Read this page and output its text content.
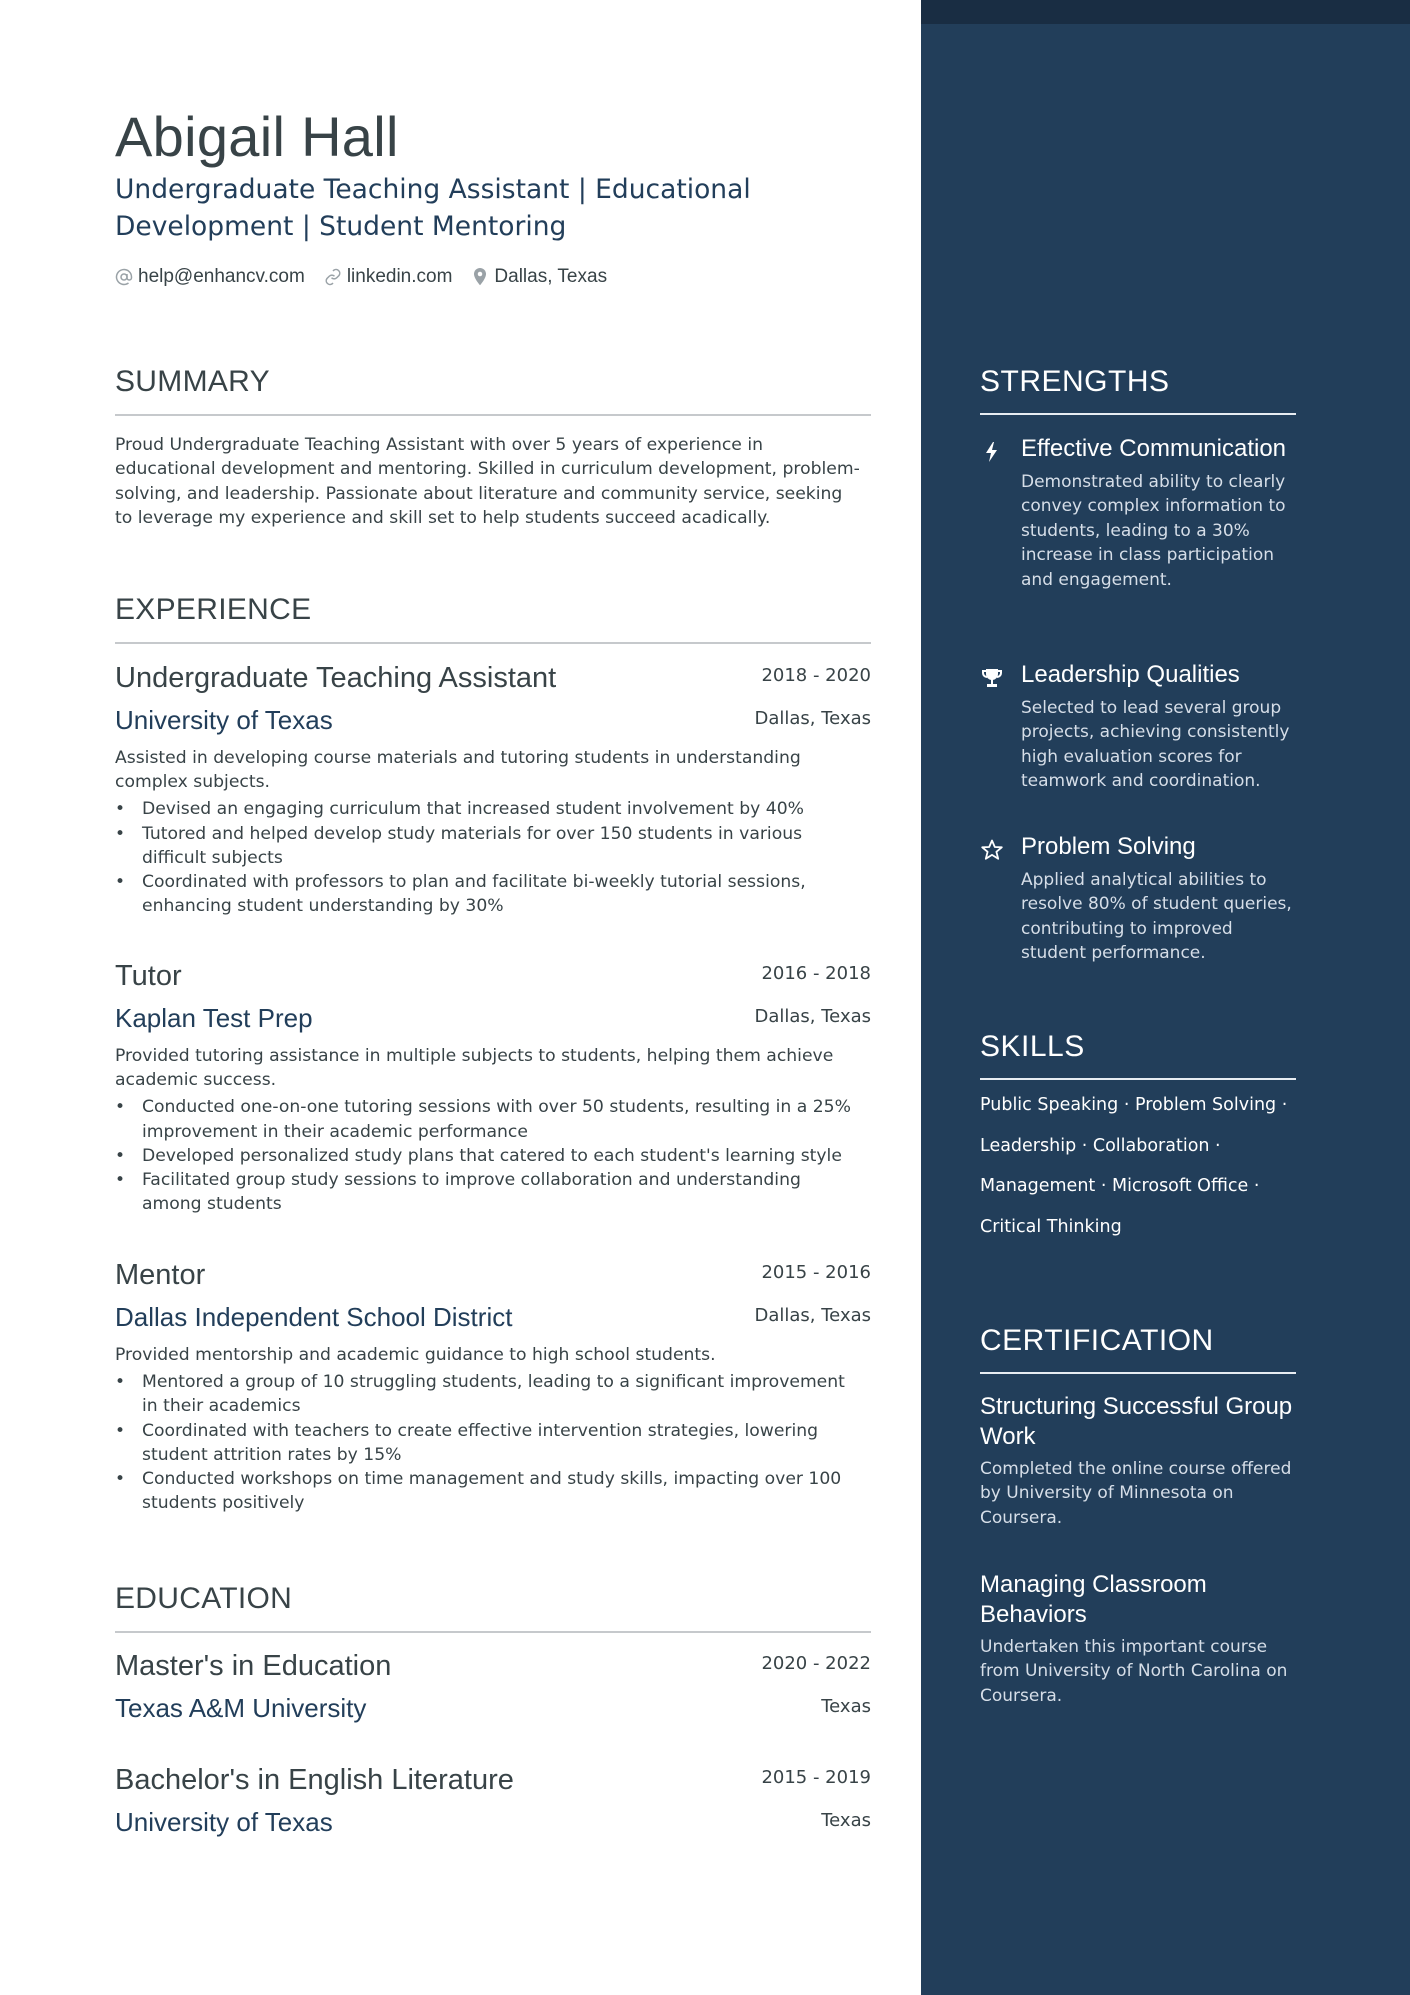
Abigail Hall
Undergraduate Teaching Assistant | Educational Development | Student Mentoring
help@enhancv.com linkedin.com Dallas, Texas
SUMMARY
Proud Undergraduate Teaching Assistant with over 5 years of experience in educational development and mentoring. Skilled in curriculum development, problem-solving, and leadership. Passionate about literature and community service, seeking to leverage my experience and skill set to help students succeed acadically.
EXPERIENCE
Undergraduate Teaching Assistant	2018 - 2020
University of Texas	Dallas, Texas
Assisted in developing course materials and tutoring students in understanding complex subjects.
• Devised an engaging curriculum that increased student involvement by 40%
• Tutored and helped develop study materials for over 150 students in various difficult subjects
• Coordinated with professors to plan and facilitate bi-weekly tutorial sessions, enhancing student understanding by 30%
Tutor	2016 - 2018
Kaplan Test Prep	Dallas, Texas
Provided tutoring assistance in multiple subjects to students, helping them achieve academic success.
• Conducted one-on-one tutoring sessions with over 50 students, resulting in a 25% improvement in their academic performance
• Developed personalized study plans that catered to each student's learning style
• Facilitated group study sessions to improve collaboration and understanding among students
Mentor	2015 - 2016
Dallas Independent School District	Dallas, Texas
Provided mentorship and academic guidance to high school students.
• Mentored a group of 10 struggling students, leading to a significant improvement in their academics
• Coordinated with teachers to create effective intervention strategies, lowering student attrition rates by 15%
• Conducted workshops on time management and study skills, impacting over 100 students positively
EDUCATION
Master's in Education	2020 - 2022
Texas A&M University	Texas
Bachelor's in English Literature	2015 - 2019
University of Texas	Texas
STRENGTHS
Effective Communication
Demonstrated ability to clearly convey complex information to students, leading to a 30% increase in class participation and engagement.
Leadership Qualities
Selected to lead several group projects, achieving consistently high evaluation scores for teamwork and coordination.
Problem Solving
Applied analytical abilities to resolve 80% of student queries, contributing to improved student performance.
SKILLS
Public Speaking · Problem Solving ·
Leadership · Collaboration ·
Management · Microsoft Office ·
Critical Thinking
CERTIFICATION
Structuring Successful Group Work
Completed the online course offered by University of Minnesota on Coursera.
Managing Classroom Behaviors
Undertaken this important course from University of North Carolina on Coursera.
